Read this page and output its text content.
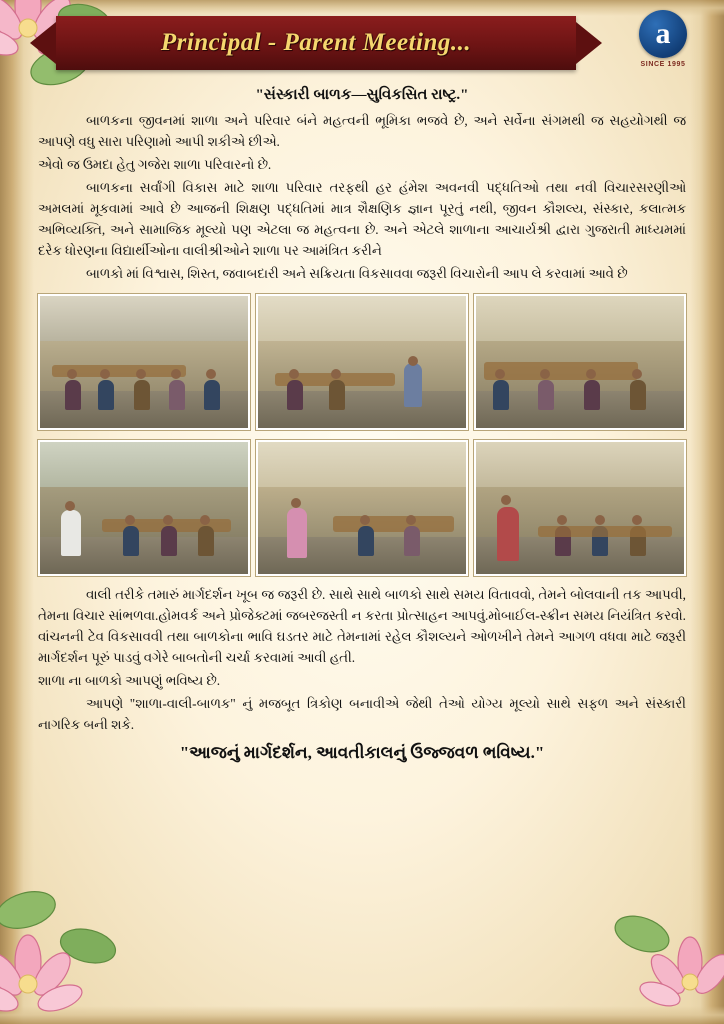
Principal - Parent Meeting...	a
SINCE 1995
"સંસ્કારી બાળક—સુવિકસિત રાષ્ટ્ર."

બાળકના જીવનમાં શાળા અને પરિવાર બંને મહત્વની ભૂમિકા ભજવે છે, અને સર્વેના સંગમથી જ સહયોગથી જ આપણે વધુ સારા પરિણામો આપી શકીએ છીએ.

એવો જ ઉમદા હેતુ ગજેરા શાળા પરિવારનો છે.

બાળકના સર્વાંગી વિકાસ માટે શાળા પરિવાર તરફથી હર હંમેશ અવનવી પદ્ધતિઓ તથા નવી વિચારસરણીઓ અમલમાં મૂકવામાં આવે છે આજની શિક્ષણ પદ્ધતિમાં માત્ર શૈક્ષણિક જ્ઞાન પૂરતું નથી, જીવન કૌશલ્ય, સંસ્કાર, કલાત્મક અભિવ્યક્તિ, અને સામાજિક મૂલ્યો પણ એટલા જ મહત્વના છે. અને એટલે શાળાના આચાર્યશ્રી દ્વારા ગુજરાતી માધ્યમમાં દરેક ધોરણના વિદ્યાર્થીઓના વાલીશ્રીઓને શાળા પર આમંત્રિત કરીને

બાળકો માં વિશ્વાસ, શિસ્ત, જવાબદારી અને સક્રિયતા વિકસાવવા જરૂરી વિચારોની આપ લે કરવામાં આવે છે

વાલી તરીકે તમારું માર્ગદર્શન ખૂબ જ જરૂરી છે. સાથે સાથે બાળકો સાથે સમય વિતાવવો, તેમને બોલવાની તક આપવી, તેમના વિચાર સાંભળવા.હોમવર્ક અને પ્રોજેક્ટમાં જબરજસ્તી ન કરતા પ્રોત્સાહન આપવું.મોબાઈલ-સ્ક્રીન સમય નિયંત્રિત કરવો. વાંચનની ટેવ વિકસાવવી તથા બાળકોના ભાવિ ઘડતર માટે તેમનામાં રહેલ કૌશલ્યને ઓળખીને તેમને આગળ વધવા માટે જરૂરી માર્ગદર્શન પૂરું પાડવું વગેરે બાબતોની ચર્ચા કરવામાં આવી હતી.

શાળા ના બાળકો આપણું ભવિષ્ય છે.

આપણે "શાળા-વાલી-બાળક" નું મજબૂત ત્રિકોણ બનાવીએ જેથી તેઓ યોગ્ય મૂલ્યો સાથે સફળ અને સંસ્કારી નાગરિક બની શકે.

"આજનું માર્ગદર્શન, આવતીકાલનું ઉજ્જવળ ભવિષ્ય."
